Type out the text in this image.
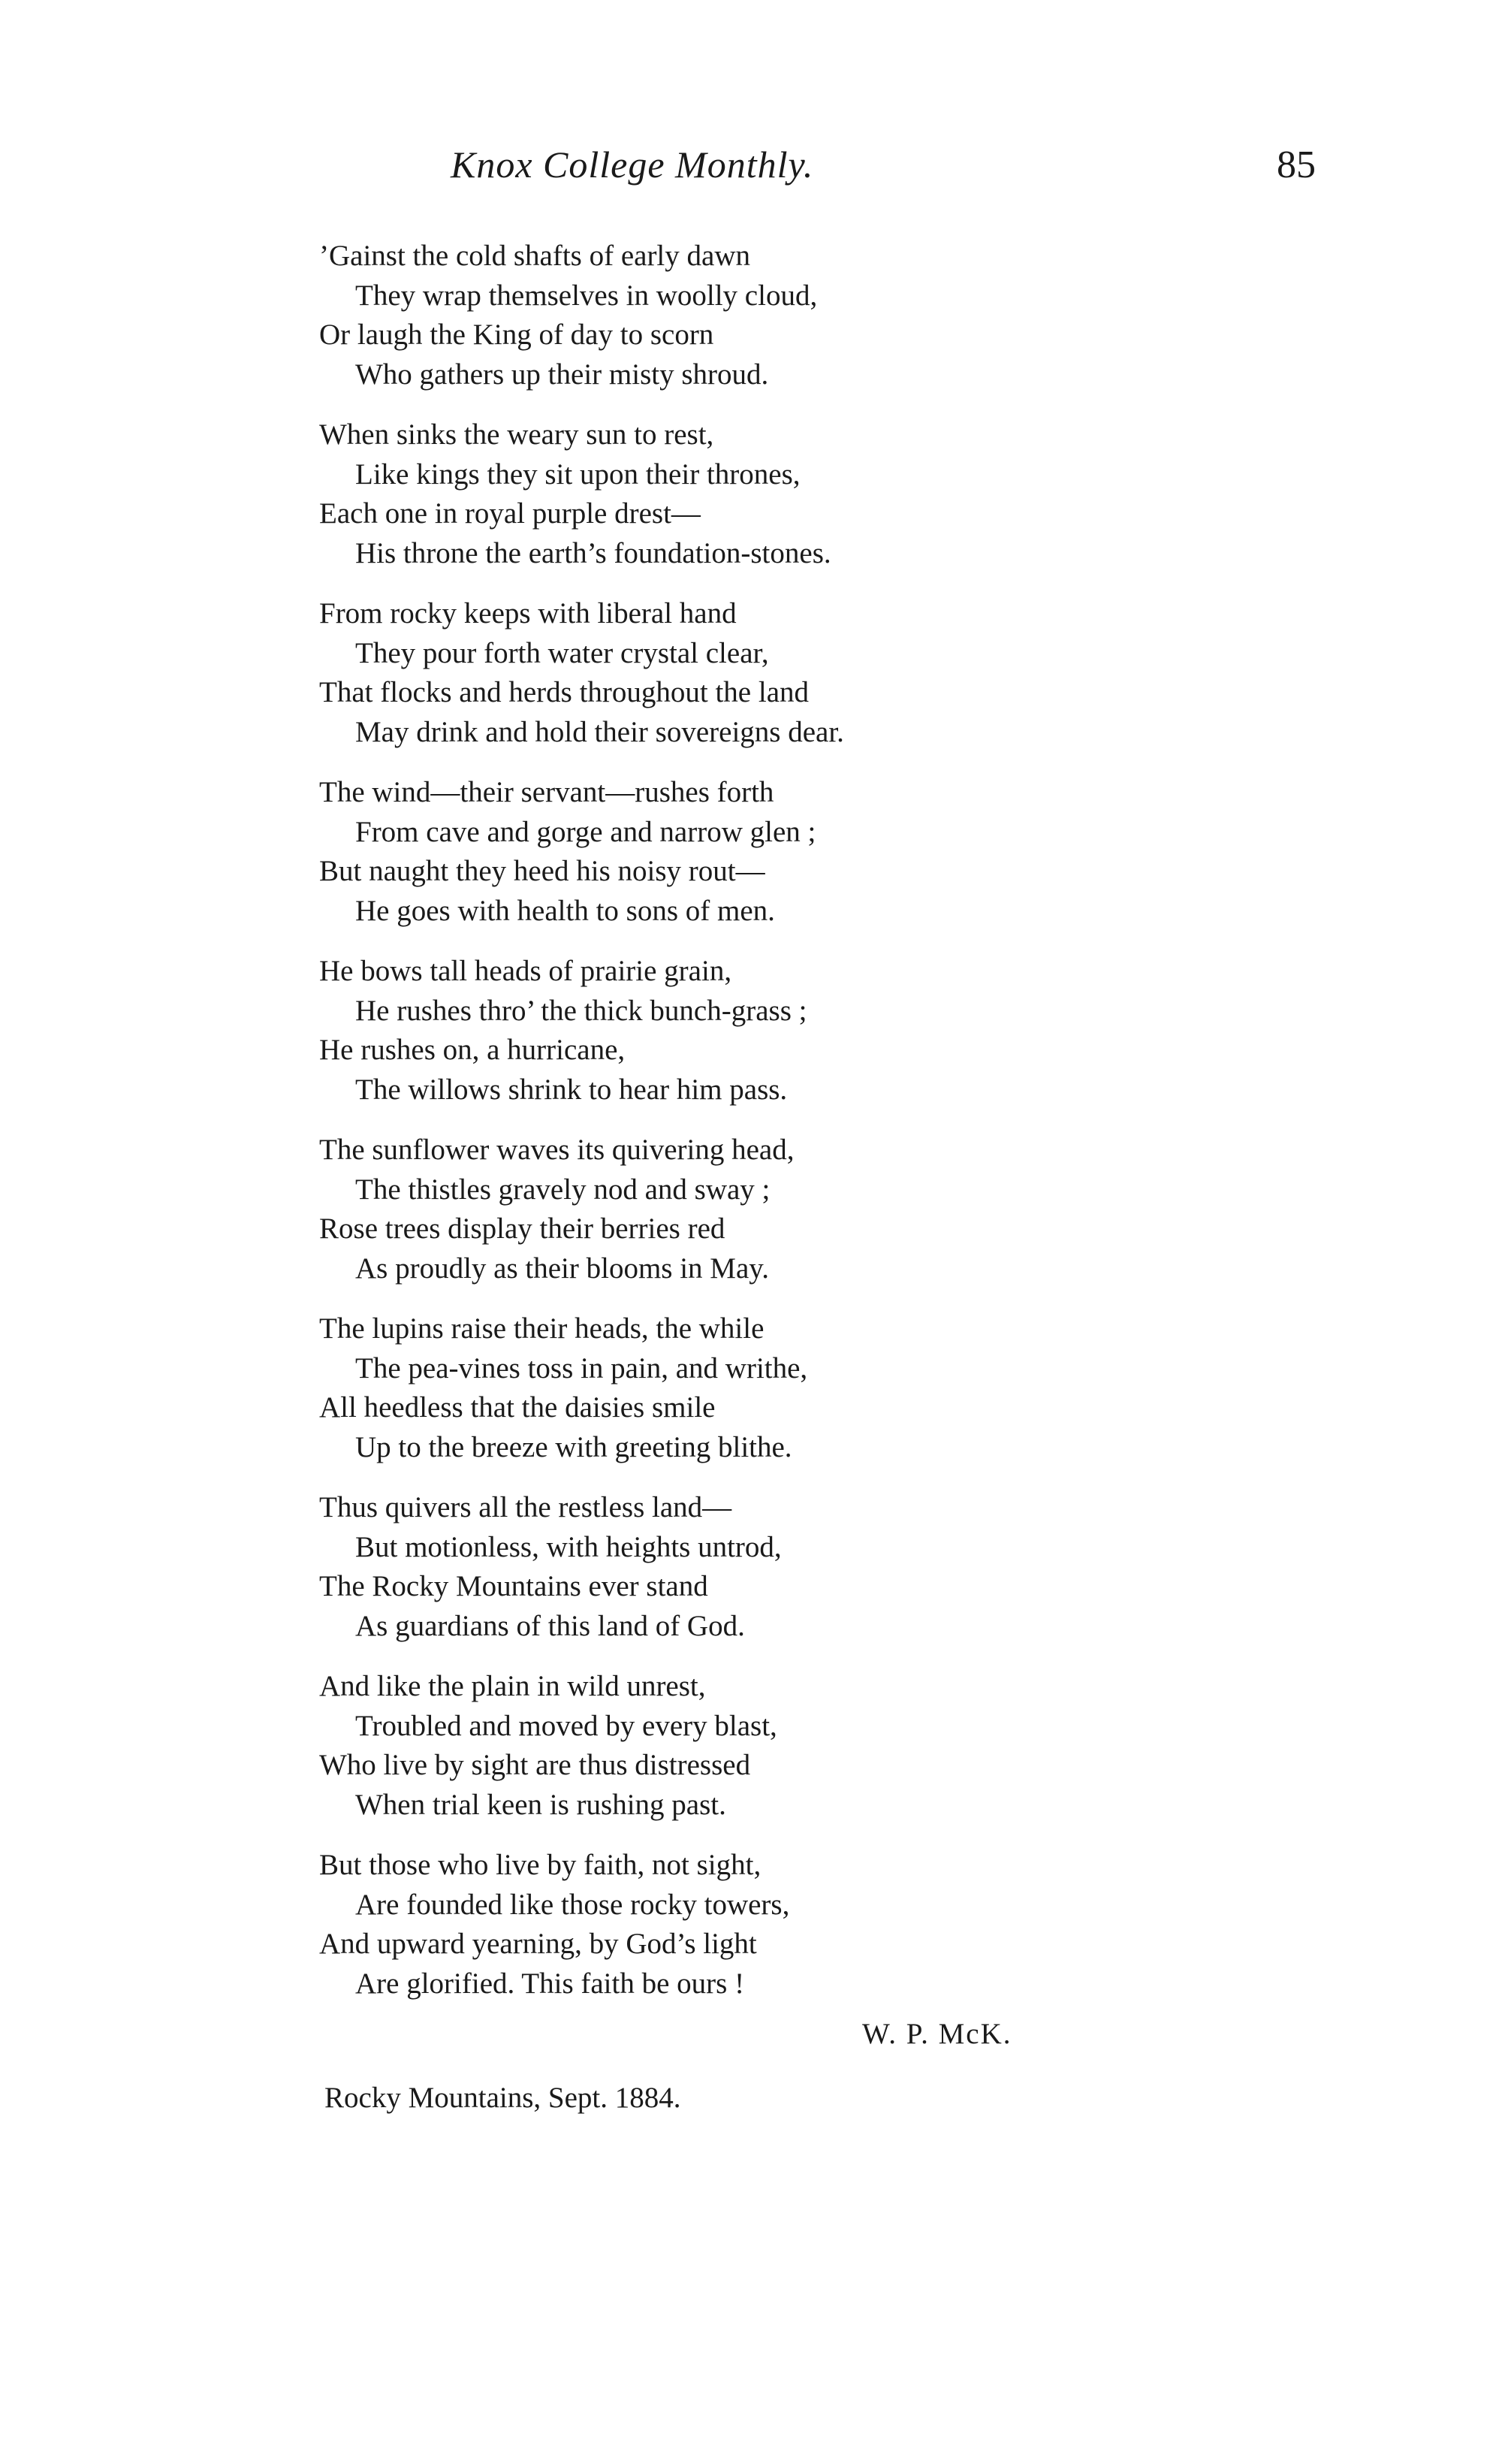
Knox College Monthly.	85
’Gainst the cold shafts of early dawn
They wrap themselves in woolly cloud,
Or laugh the King of day to scorn
Who gathers up their misty shroud.
When sinks the weary sun to rest,
Like kings they sit upon their thrones,
Each one in royal purple drest—
His throne the earth’s foundation-stones.
From rocky keeps with liberal hand
They pour forth water crystal clear,
That flocks and herds throughout the land
May drink and hold their sovereigns dear.
The wind—their servant—rushes forth
From cave and gorge and narrow glen ;
But naught they heed his noisy rout—
He goes with health to sons of men.
He bows tall heads of prairie grain,
He rushes thro’ the thick bunch-grass ;
He rushes on, a hurricane,
The willows shrink to hear him pass.
The sunflower waves its quivering head,
The thistles gravely nod and sway ;
Rose trees display their berries red
As proudly as their blooms in May.
The lupins raise their heads, the while
The pea-vines toss in pain, and writhe,
All heedless that the daisies smile
Up to the breeze with greeting blithe.
Thus quivers all the restless land—
But motionless, with heights untrod,
The Rocky Mountains ever stand
As guardians of this land of God.
And like the plain in wild unrest,
Troubled and moved by every blast,
Who live by sight are thus distressed
When trial keen is rushing past.
But those who live by faith, not sight,
Are founded like those rocky towers,
And upward yearning, by God’s light
Are glorified. This faith be ours !
W. P. McK.
Rocky Mountains, Sept. 1884.
